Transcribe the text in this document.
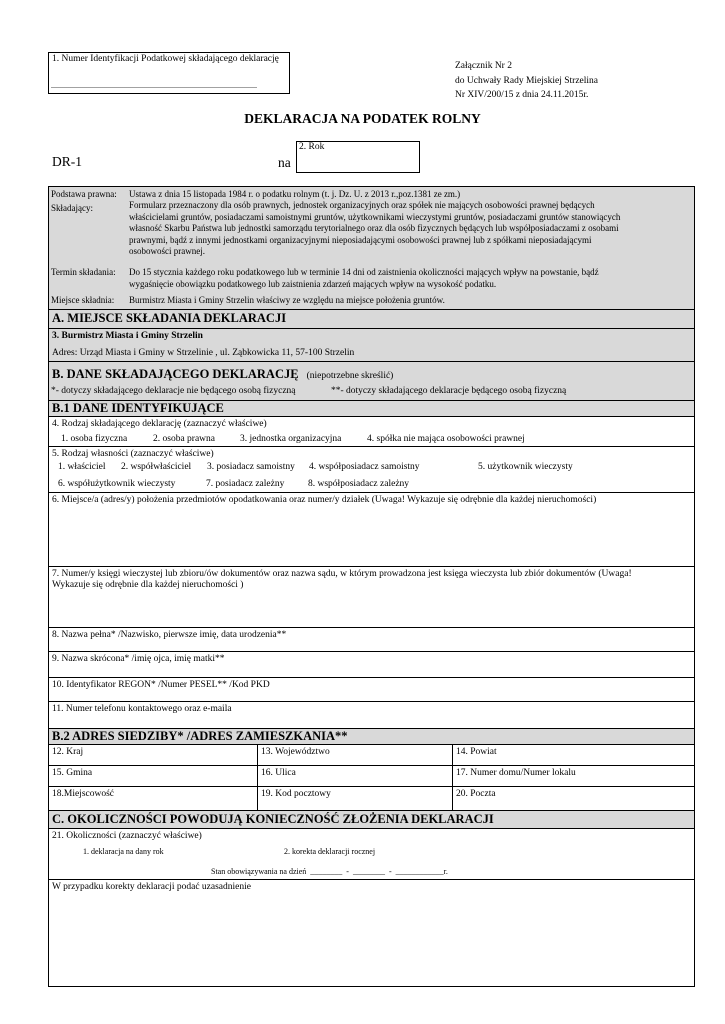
1. Numer Identyfikacji Podatkowej składającego deklarację
.......................................................................................................
Załącznik Nr 2
do Uchwały Rady Miejskiej Strzelina
Nr XIV/200/15 z dnia 24.11.2015r.
DEKLARACJA NA PODATEK ROLNY
DR-1	na
2. Rok
Podstawa prawna: Ustawa z dnia 15 listopada 1984 r. o podatku rolnym (t. j. Dz. U. z 2013 r.,poz.1381 ze zm.)
Składający:	Formularz przeznaczony dla osób prawnych, jednostek organizacyjnych oraz spółek nie mających osobowości prawnej będących
właścicielami gruntów, posiadaczami samoistnymi gruntów, użytkownikami wieczystymi gruntów, posiadaczami gruntów stanowiących
własność Skarbu Państwa lub jednostki samorządu terytorialnego oraz dla osób fizycznych będących lub współposiadaczami z osobami
prawnymi, bądź z innymi jednostkami organizacyjnymi nieposiadającymi osobowości prawnej lub z spółkami nieposiadającymi
osobowości prawnej.
Termin składania: Do 15 stycznia każdego roku podatkowego lub w terminie 14 dni od zaistnienia okoliczności mających wpływ na powstanie, bądź
wygaśnięcie obowiązku podatkowego lub zaistnienia zdarzeń mających wpływ na wysokość podatku.
Miejsce składnia: Burmistrz Miasta i Gminy Strzelin właściwy ze względu na miejsce położenia gruntów.
A. MIEJSCE SKŁADANIA DEKLARACJI
3. Burmistrz Miasta i Gminy Strzelin
Adres: Urząd Miasta i Gminy w Strzelinie , ul. Ząbkowicka 11, 57-100 Strzelin
B. DANE SKŁADAJĄCEGO DEKLARACJĘ (niepotrzebne skreślić)
*- dotyczy składającego deklaracje nie będącego osobą fizyczną	**- dotyczy składającego deklaracje będącego osobą fizyczną
B.1 DANE IDENTYFIKUJĄCE
4. Rodzaj składającego deklarację (zaznaczyć właściwe)
1. osoba fizyczna	2. osoba prawna	3. jednostka organizacyjna	4. spółka nie mająca osobowości prawnej
5. Rodzaj własności (zaznaczyć właściwe)
1. właściciel 2. współwłaściciel 3. posiadacz samoistny 4. współposiadacz samoistny	5. użytkownik wieczysty
6. współużytkownik wieczysty	7. posiadacz zależny 8. współposiadacz zależny
6. Miejsce/a (adres/y) położenia przedmiotów opodatkowania oraz numer/y działek (Uwaga! Wykazuje się odrębnie dla każdej nieruchomości)
7. Numer/y księgi wieczystej lub zbioru/ów dokumentów oraz nazwa sądu, w którym prowadzona jest księga wieczysta lub zbiór dokumentów (Uwaga!
Wykazuje się odrębnie dla każdej nieruchomości )
8. Nazwa pełna* /Nazwisko, pierwsze imię, data urodzenia**
9. Nazwa skrócona* /imię ojca, imię matki**
10. Identyfikator REGON* /Numer PESEL** /Kod PKD
11. Numer telefonu kontaktowego oraz e-maila
B.2 ADRES SIEDZIBY* /ADRES ZAMIESZKANIA**
12. Kraj	13. Województwo	14. Powiat
15. Gmina	16. Ulica	17. Numer domu/Numer lokalu
18.Miejscowość	19. Kod pocztowy	20. Poczta
C. OKOLICZNOŚCI POWODUJĄ KONIECZNOŚĆ ZŁOŻENIA DEKLARACJI
21. Okoliczności (zaznaczyć właściwe)
1. deklaracja na dany rok	2. korekta deklaracji rocznej
Stan obowiązywania na dzień  ________  -  ________  -  ____________r.
W przypadku korekty deklaracji podać uzasadnienie
